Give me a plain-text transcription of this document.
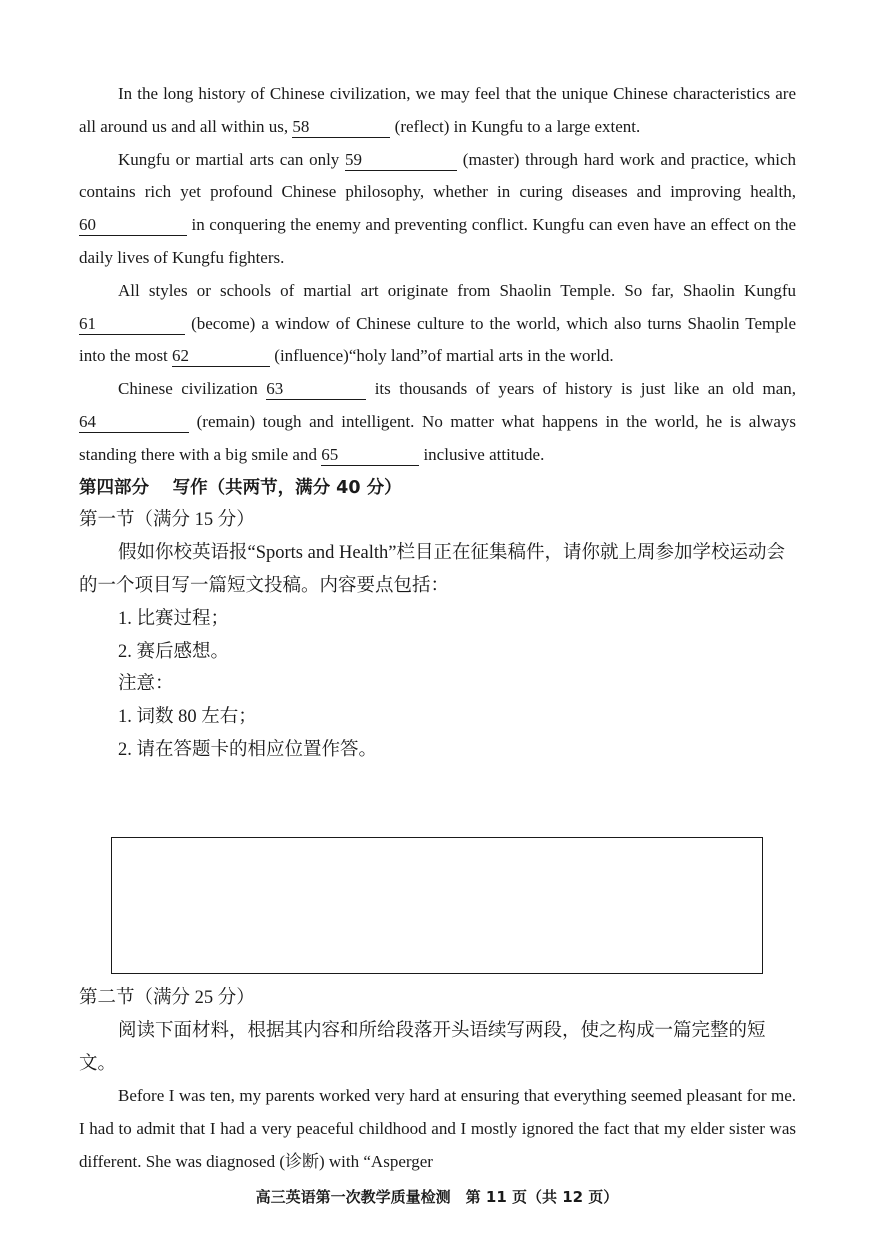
In the long history of Chinese civilization, we may feel that the unique Chinese characteristics are all around us and all within us, 58	(reflect) in Kungfu to a large extent.

Kungfu or martial arts can only 59	(master) through hard work and practice, which contains rich yet profound Chinese philosophy, whether in curing diseases and improving health, 60	in conquering the enemy and preventing conflict. Kungfu can even have an effect on the daily lives of Kungfu fighters.

All styles or schools of martial art originate from Shaolin Temple. So far, Shaolin Kungfu 61	(become) a window of Chinese culture to the world, which also turns Shaolin Temple into the most 62	(influence)“holy land”of martial arts in the world.

Chinese civilization 63	its thousands of years of history is just like an old man, 64	(remain) tough and intelligent. No matter what happens in the world, he is always standing there with a big smile and 65	inclusive attitude.

第四部分　 写作（共两节，满分 40 分）

第一节（满分 15 分）

假如你校英语报“Sports and Health”栏目正在征集稿件，请你就上周参加学校运动会的一个项目写一篇短文投稿。内容要点包括：

1. 比赛过程；

2. 赛后感想。

注意：

1. 词数 80 左右；

2. 请在答题卡的相应位置作答。

第二节（满分 25 分）

阅读下面材料，根据其内容和所给段落开头语续写两段，使之构成一篇完整的短文。

Before I was ten, my parents worked very hard at ensuring that everything seemed pleasant for me. I had to admit that I had a very peaceful childhood and I mostly ignored the fact that my elder sister was different. She was diagnosed (诊断) with “Asperger

高三英语第一次教学质量检测　第 11 页（共 12 页）
